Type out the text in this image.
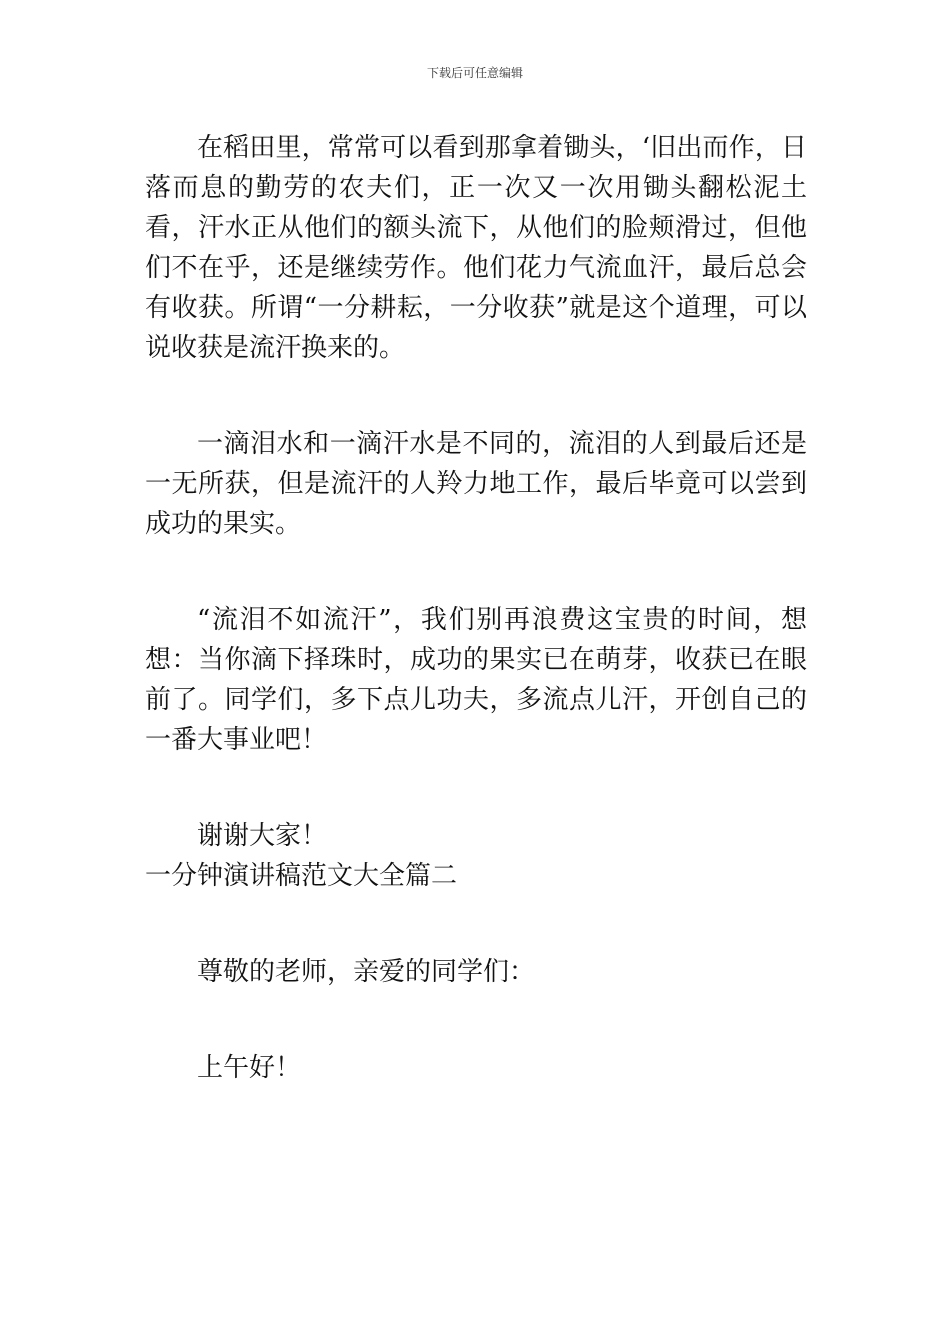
下载后可任意编辑

在稻田里，常常可以看到那拿着锄头，‘旧出而作，日落而息的勤劳的农夫们，正一次又一次用锄头翻松泥土看，汗水正从他们的额头流下，从他们的脸颊滑过，但他们不在乎，还是继续劳作。他们花力气流血汗，最后总会有收获。所谓“一分耕耘，一分收获”就是这个道理，可以说收获是流汗换来的。

一滴泪水和一滴汗水是不同的，流泪的人到最后还是一无所获，但是流汗的人羚力地工作，最后毕竟可以尝到成功的果实。

“流泪不如流汗”，我们别再浪费这宝贵的时间，想想：当你滴下择珠时，成功的果实已在萌芽，收获已在眼前了。同学们，多下点儿功夫，多流点儿汗，开创自己的一番大事业吧！

谢谢大家！

一分钟演讲稿范文大全篇二

尊敬的老师，亲爱的同学们：

上午好！
